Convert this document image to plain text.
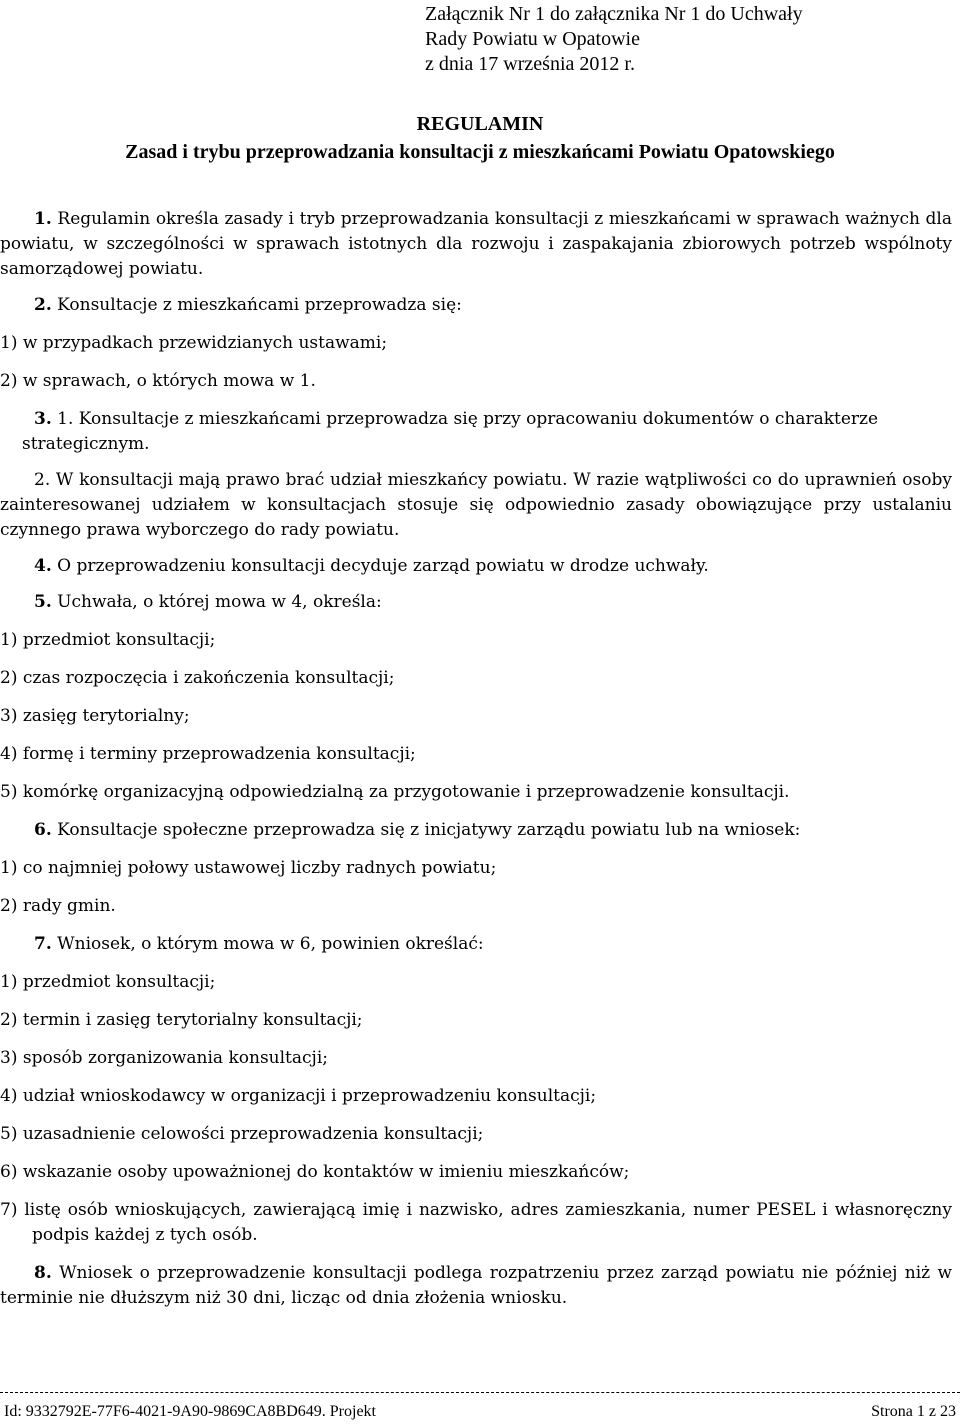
Załącznik Nr 1 do załącznika Nr 1 do Uchwały
Rady Powiatu w Opatowie
z dnia 17 września 2012 r.
REGULAMIN
Zasad i trybu przeprowadzania konsultacji z mieszkańcami Powiatu Opatowskiego

1. Regulamin określa zasady i tryb przeprowadzania konsultacji z mieszkańcami w sprawach ważnych dla powiatu, w szczególności w sprawach istotnych dla rozwoju i zaspakajania zbiorowych potrzeb wspólnoty samorządowej powiatu.

2. Konsultacje z mieszkańcami przeprowadza się:

1) w przypadkach przewidzianych ustawami;
2) w sprawach, o których mowa w 1.

3. 1. Konsultacje z mieszkańcami przeprowadza się przy opracowaniu dokumentów o charakterze

strategicznym.

2. W konsultacji mają prawo brać udział mieszkańcy powiatu. W razie wątpliwości co do uprawnień osoby zainteresowanej udziałem w konsultacjach stosuje się odpowiednio zasady obowiązujące przy ustalaniu czynnego prawa wyborczego do rady powiatu.

4. O przeprowadzeniu konsultacji decyduje zarząd powiatu w drodze uchwały.

5. Uchwała, o której mowa w 4, określa:

1) przedmiot konsultacji;
2) czas rozpoczęcia i zakończenia konsultacji;
3) zasięg terytorialny;
4) formę i terminy przeprowadzenia konsultacji;
5) komórkę organizacyjną odpowiedzialną za przygotowanie i przeprowadzenie konsultacji.

6. Konsultacje społeczne przeprowadza się z inicjatywy zarządu powiatu lub na wniosek:

1) co najmniej połowy ustawowej liczby radnych powiatu;
2) rady gmin.

7. Wniosek, o którym mowa w 6, powinien określać:

1) przedmiot konsultacji;
2) termin i zasięg terytorialny konsultacji;
3) sposób zorganizowania konsultacji;
4) udział wnioskodawcy w organizacji i przeprowadzeniu konsultacji;
5) uzasadnienie celowości przeprowadzenia konsultacji;
6) wskazanie osoby upoważnionej do kontaktów w imieniu mieszkańców;
7) listę osób wnioskujących, zawierającą imię i nazwisko, adres zamieszkania, numer PESEL i własnoręczny podpis każdej z tych osób.

8. Wniosek o przeprowadzenie konsultacji podlega rozpatrzeniu przez zarząd powiatu nie później niż w terminie nie dłuższym niż 30 dni, licząc od dnia złożenia wniosku.

Id: 9332792E-77F6-4021-9A90-9869CA8BD649. Projekt	Strona 1 z 23
